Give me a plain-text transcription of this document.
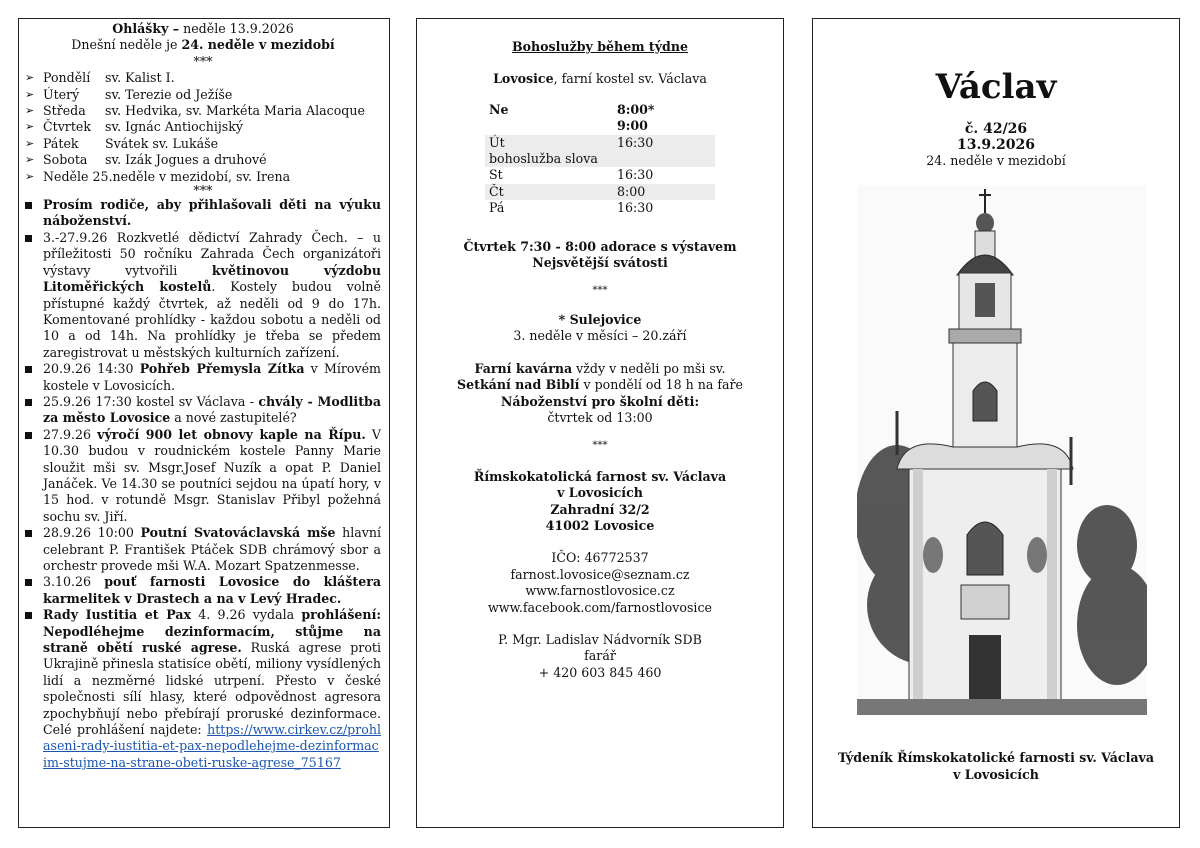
Ohlášky – neděle 13.9.2026
Dnešní neděle je 24. neděle v mezidobí
***
➢ Pondělí	sv. Kalist I.
➢ Úterý	sv. Terezie od Ježíše
➢ Středa	sv. Hedvika, sv. Markéta Maria Alacoque
➢ Čtvrtek	sv. Ignác Antiochijský
➢ Pátek	Svátek sv. Lukáše
➢ Sobota	sv. Izák Jogues a druhové
➢ Neděle 25.neděle v mezidobí, sv. Irena
***
Prosím rodiče, aby přihlašovali děti na výuku náboženství.
3.-27.9.26 Rozkvetlé dědictví Zahrady Čech. – u příležitosti 50 ročníku Zahrada Čech organizátoři výstavy vytvořili květinovou výzdobu Litoměřických kostelů. Kostely budou volně přístupné každý čtvrtek, až neděli od 9 do 17h. Komentované prohlídky - každou sobotu a neděli od 10 a od 14h. Na prohlídky je třeba se předem zaregistrovat u městských kulturních zařízení.
20.9.26 14:30 Pohřeb Přemysla Zítka v Mírovém kostele v Lovosicích.
25.9.26 17:30 kostel sv Václava - chvály - Modlitba za město Lovosice a nové zastupitelé?
27.9.26 výročí 900 let obnovy kaple na Řípu. V 10.30 budou v roudnickém kostele Panny Marie sloužit mši sv. Msgr.Josef Nuzík a opat P. Daniel Janáček. Ve 14.30 se poutníci sejdou na úpatí hory, v 15 hod. v rotundě Msgr. Stanislav Přibyl požehná sochu sv. Jiří.
28.9.26 10:00 Poutní Svatováclavská mše hlavní celebrant P. František Ptáček SDB chrámový sbor a orchestr provede mši W.A. Mozart Spatzenmesse.
3.10.26 pouť farnosti Lovosice do kláštera karmelitek v Drastech a na v Levý Hradec.
Rady Iustitia et Pax 4. 9.26 vydala prohlášení: Nepodléhejme dezinformacím, stůjme na straně obětí ruské agrese. Ruská agrese proti Ukrajině přinesla statisíce obětí, miliony vysídlených lidí a nezměrné lidské utrpení. Přesto v české společnosti sílí hlasy, které odpovědnost agresora zpochybňují nebo přebírají proruské dezinformace. Celé prohlášení najdete: https://www.cirkev.cz/prohlaseni-rady-iustitia-et-pax-nepodlehejme-dezinformacim-stujme-na-strane-obeti-ruske-agrese_75167
Bohoslužby během týdne
Lovosice, farní kostel sv. Václava
Ne	8:00*
	9:00
Út	16:30
bohoslužba slova	
St	16:30
Čt	8:00
Pá	16:30
Čtvrtek 7:30 - 8:00 adorace s výstavem
Nejsvětější svátosti
***
* Sulejovice
3. neděle v měsíci – 20.září
Farní kavárna vždy v neděli po mši sv.
Setkání nad Biblí v pondělí od 18 h na faře
Náboženství pro školní děti:
čtvrtek od 13:00
***
Římskokatolická farnost sv. Václava
v Lovosicích
Zahradní 32/2
41002 Lovosice
IČO: 46772537
farnost.lovosice@seznam.cz
www.farnostlovosice.cz
www.facebook.com/farnostlovosice
P. Mgr. Ladislav Nádvorník SDB
farář
+ 420 603 845 460
Václav
č. 42/26
13.9.2026
24. neděle v mezidobí
Týdeník Římskokatolické farnosti sv. Václava
v Lovosicích
